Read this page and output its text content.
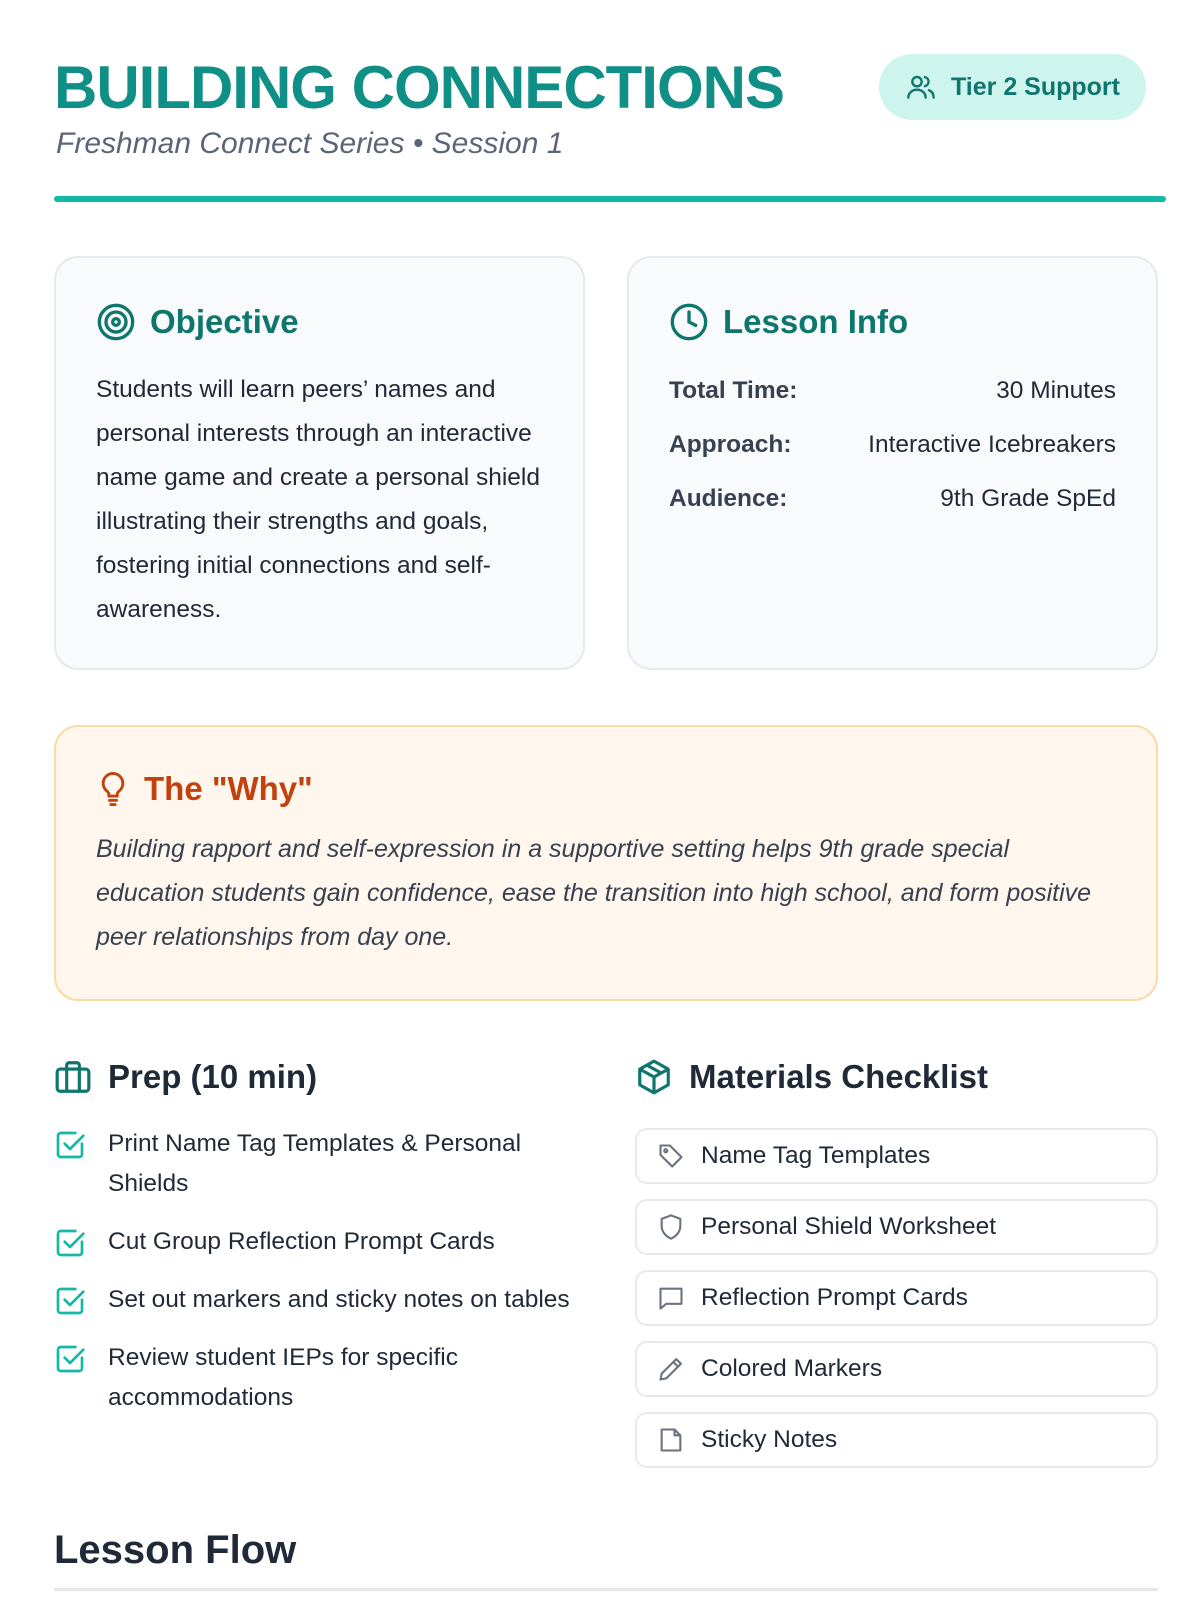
BUILDING CONNECTIONS
Freshman Connect Series • Session 1
Tier 2 Support
Objective

Students will learn peers’ names and personal interests through an interactive name game and create a personal shield illustrating their strengths and goals, fostering initial connections and self-awareness.

Lesson Info
Total Time:	30 Minutes
Approach:	Interactive Icebreakers
Audience:	9th Grade SpEd
The "Why"

Building rapport and self-expression in a supportive setting helps 9th grade special education students gain confidence, ease the transition into high school, and form positive peer relationships from day one.

Prep (10 min)
Print Name Tag Templates & Personal Shields
Cut Group Reflection Prompt Cards
Set out markers and sticky notes on tables
Review student IEPs for specific accommodations
Materials Checklist
Name Tag Templates
Personal Shield Worksheet
Reflection Prompt Cards
Colored Markers
Sticky Notes
Lesson Flow
